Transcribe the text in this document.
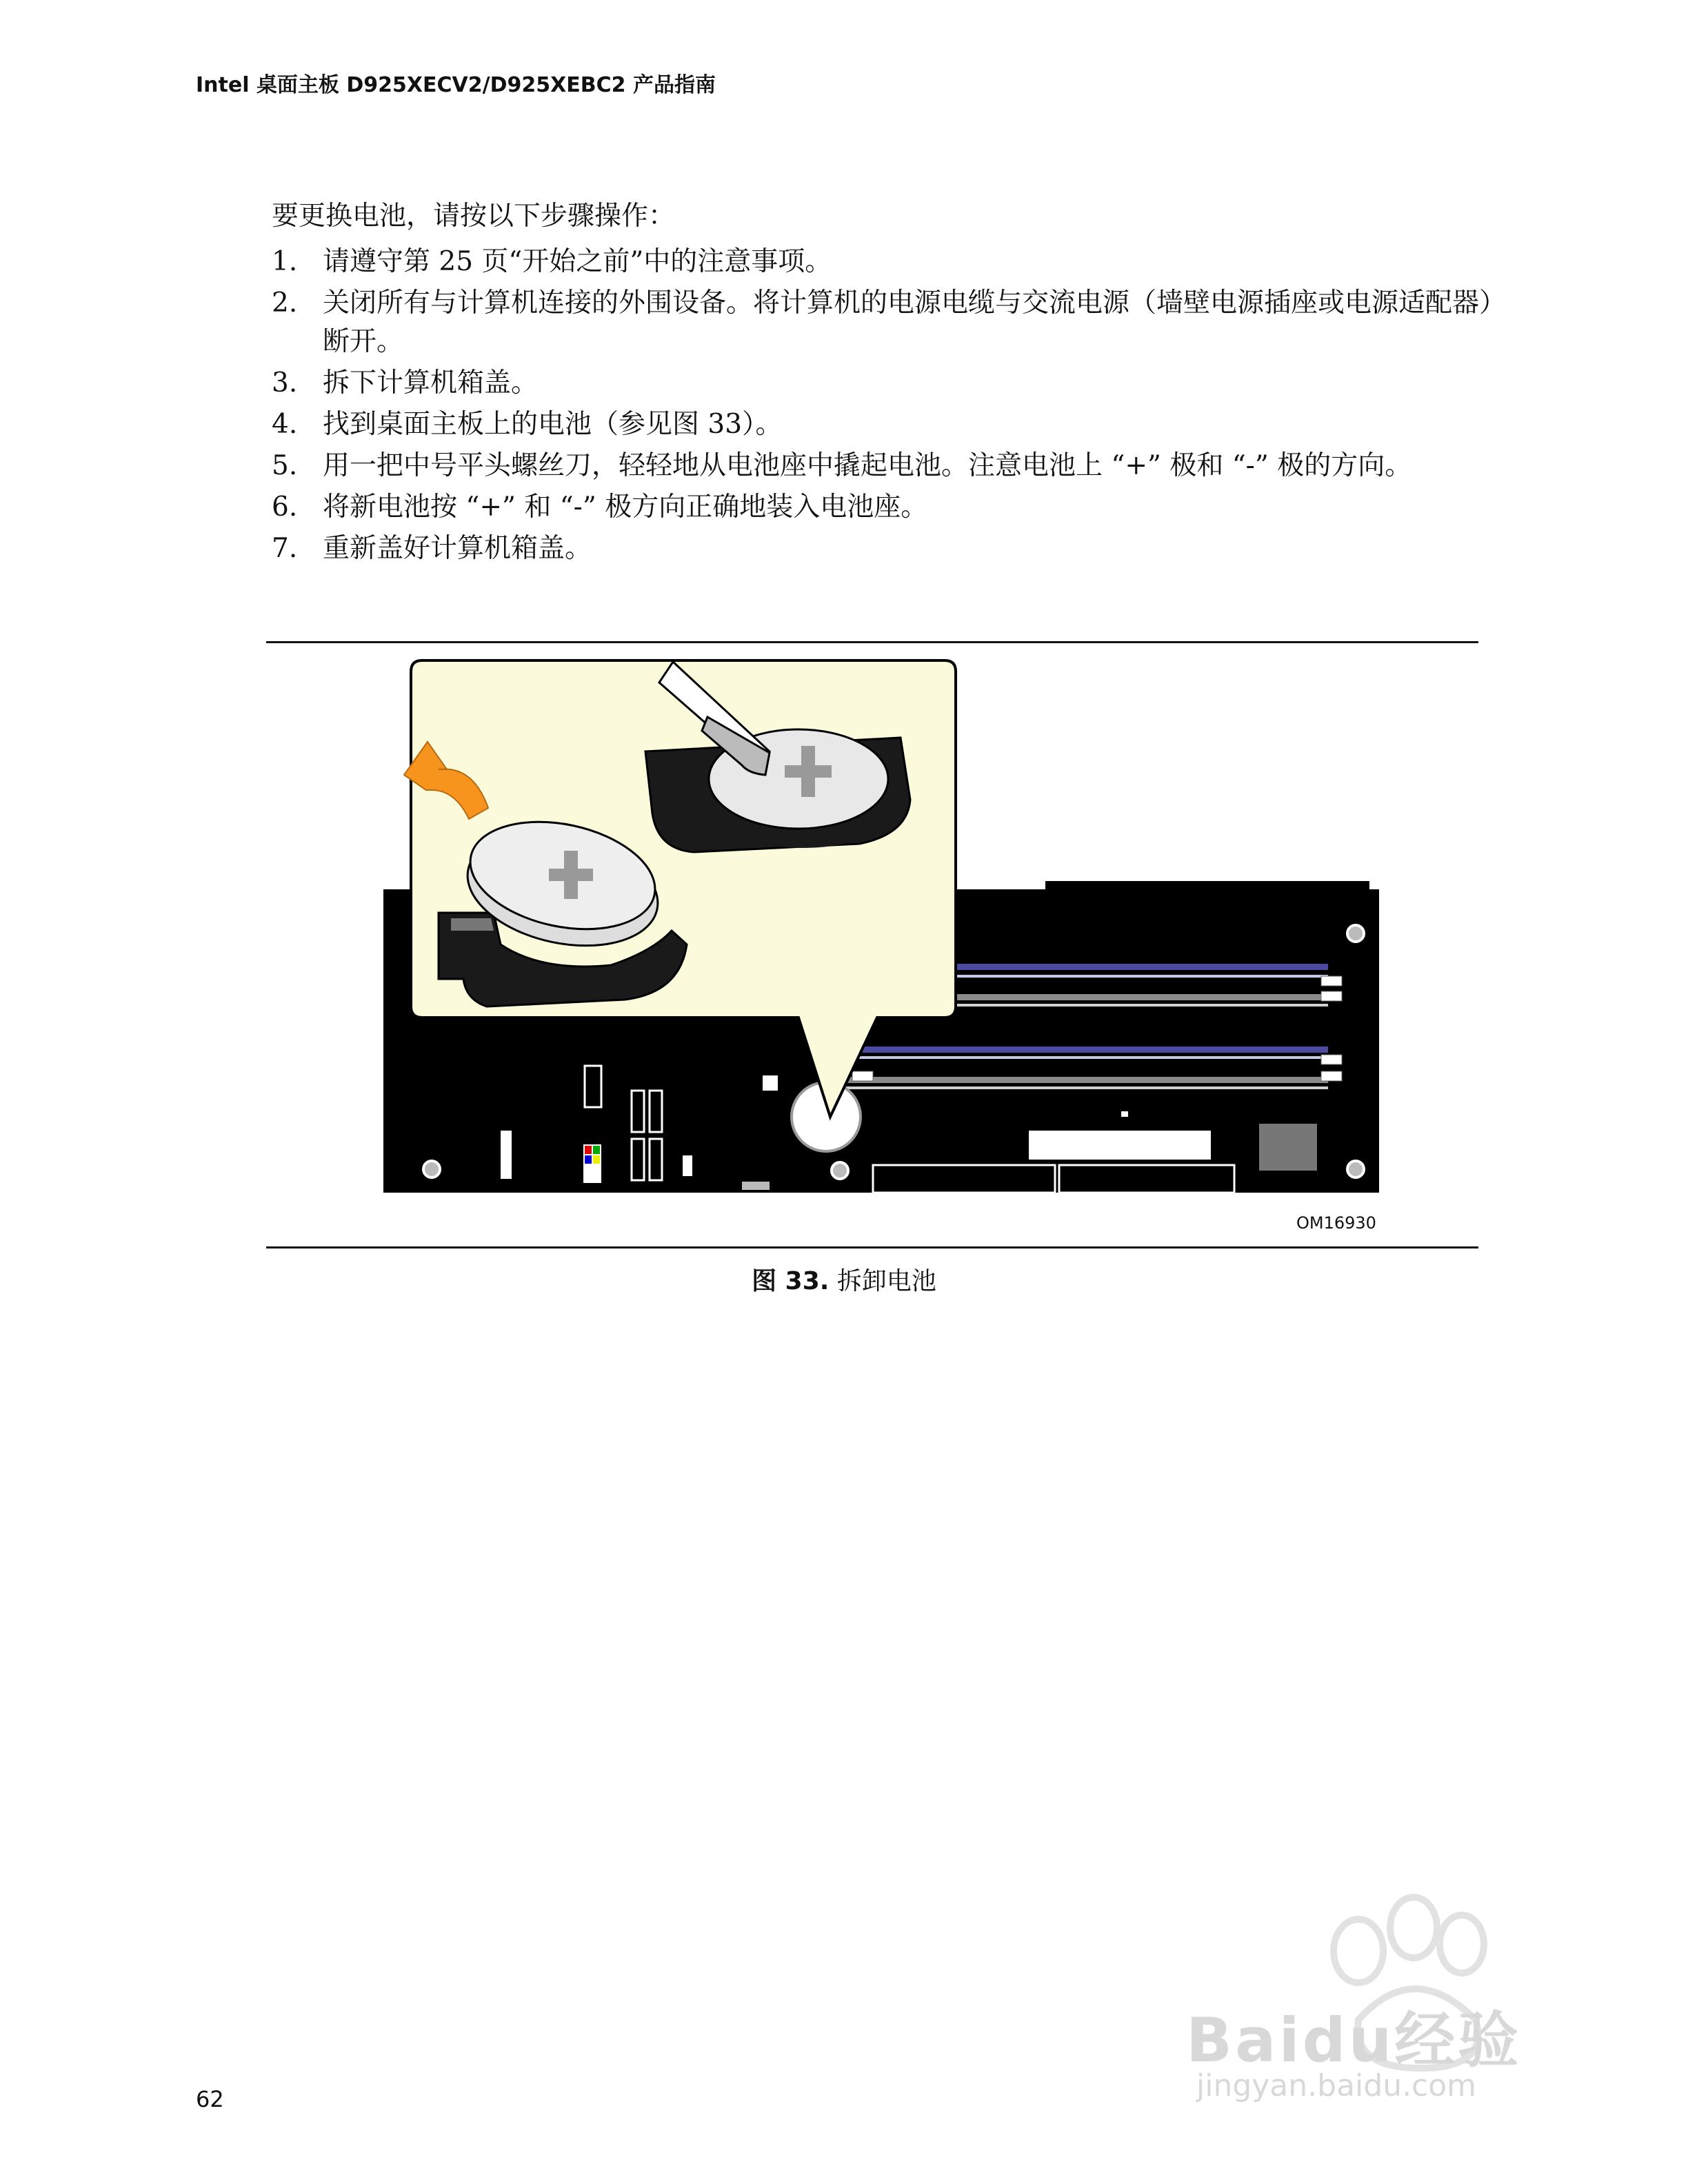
Intel 桌面主板 D925XECV2/D925XEBC2 产品指南
要更换电池，请按以下步骤操作：
1. 请遵守第 25 页“开始之前”中的注意事项。
2. 关闭所有与计算机连接的外围设备。将计算机的电源电缆与交流电源（墙壁电源插座或电源适配器）断开。
3. 拆下计算机箱盖。
4. 找到桌面主板上的电池（参见图 33）。
5. 用一把中号平头螺丝刀，轻轻地从电池座中撬起电池。注意电池上 “+” 极和 “-” 极的方向。
6. 将新电池按 “+” 和 “-” 极方向正确地装入电池座。
7. 重新盖好计算机箱盖。
OM16930
图 33. 拆卸电池
Baidu经验
jingyan.baidu.com
62
